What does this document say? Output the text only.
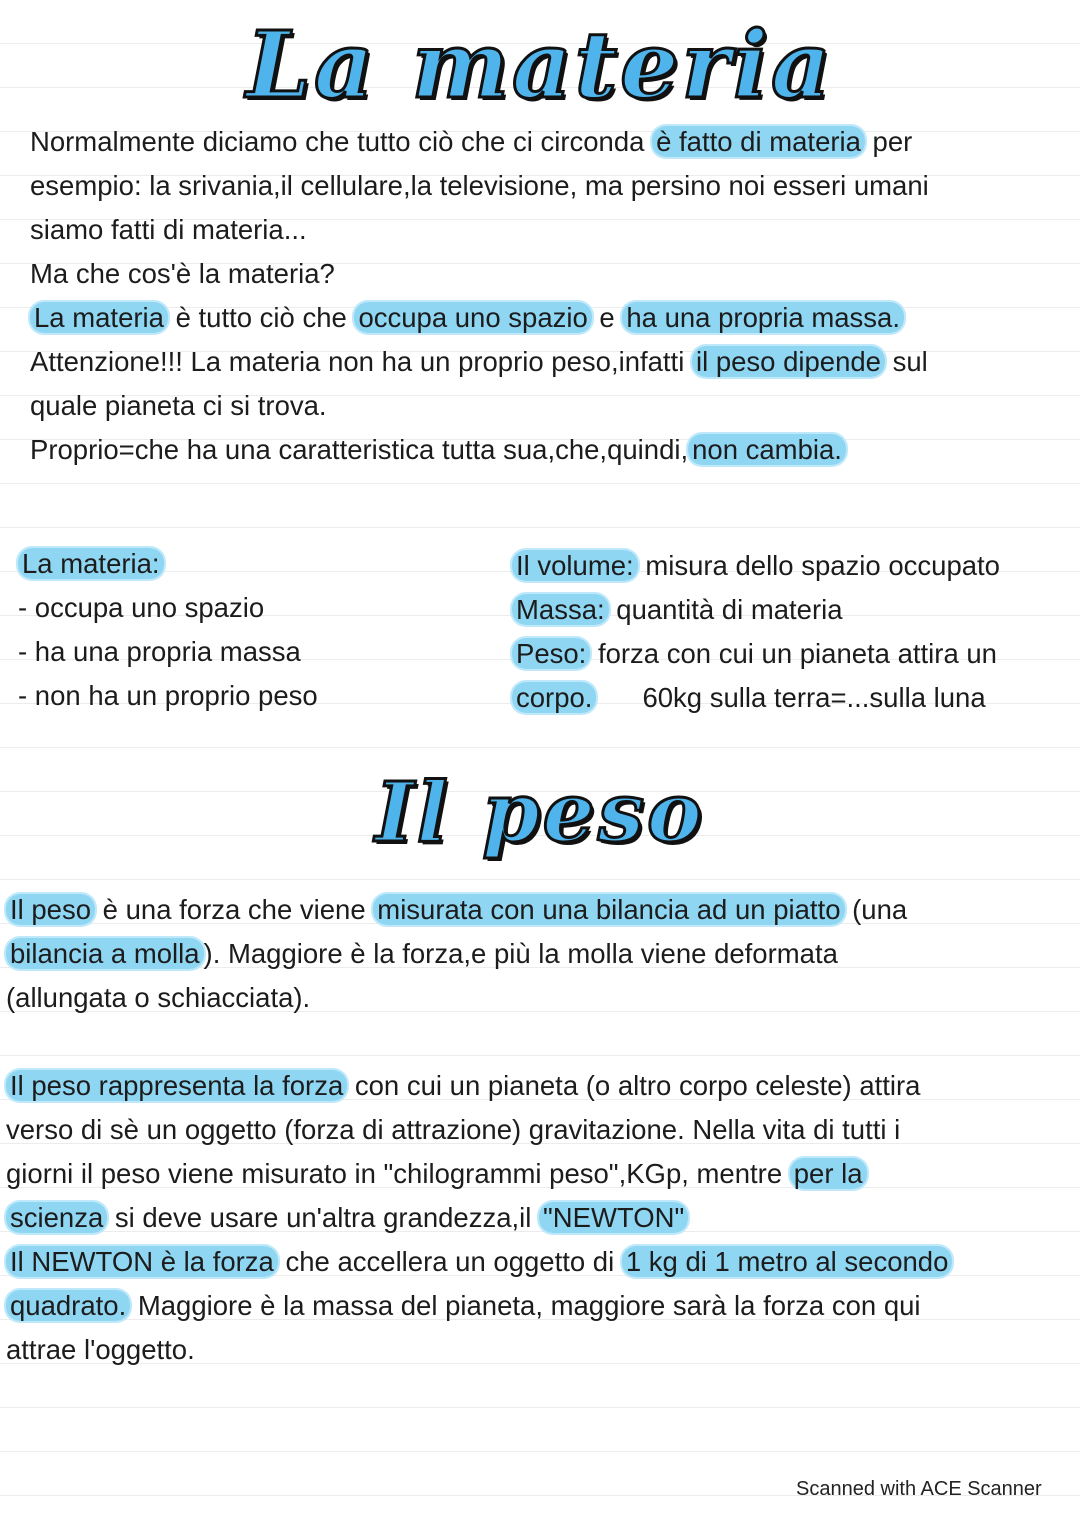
La materia
Normalmente diciamo che tutto ciò che ci circonda è fatto di materia per
esempio: la srivania,il cellulare,la televisione, ma persino noi esseri umani
siamo fatti di materia...
Ma che cos'è la materia?
La materia è tutto ciò che occupa uno spazio e ha una propria massa.
Attenzione!!! La materia non ha un proprio peso,infatti il peso dipende sul
quale pianeta ci si trova.
Proprio=che ha una caratteristica tutta sua,che,quindi, non cambia.
La materia:
- occupa uno spazio
- ha una propria massa
- non ha un proprio peso
Il volume: misura dello spazio occupato
Massa: quantità di materia
Peso: forza con cui un pianeta attira un
corpo. 60kg sulla terra=...sulla luna
Il peso
Il peso è una forza che viene misurata con una bilancia ad un piatto (una
bilancia a molla ). Maggiore è la forza,e più la molla viene deformata
(allungata o schiacciata).
Il peso rappresenta la forza con cui un pianeta (o altro corpo celeste) attira
verso di sè un oggetto (forza di attrazione) gravitazione. Nella vita di tutti i
giorni il peso viene misurato in "chilogrammi peso",KGp, mentre per la
scienza si deve usare un'altra grandezza,il "NEWTON"
Il NEWTON è la forza che accellera un oggetto di 1 kg di 1 metro al secondo
quadrato. Maggiore è la massa del pianeta, maggiore sarà la forza con qui
attrae l'oggetto.
Scanned with ACE Scanner
